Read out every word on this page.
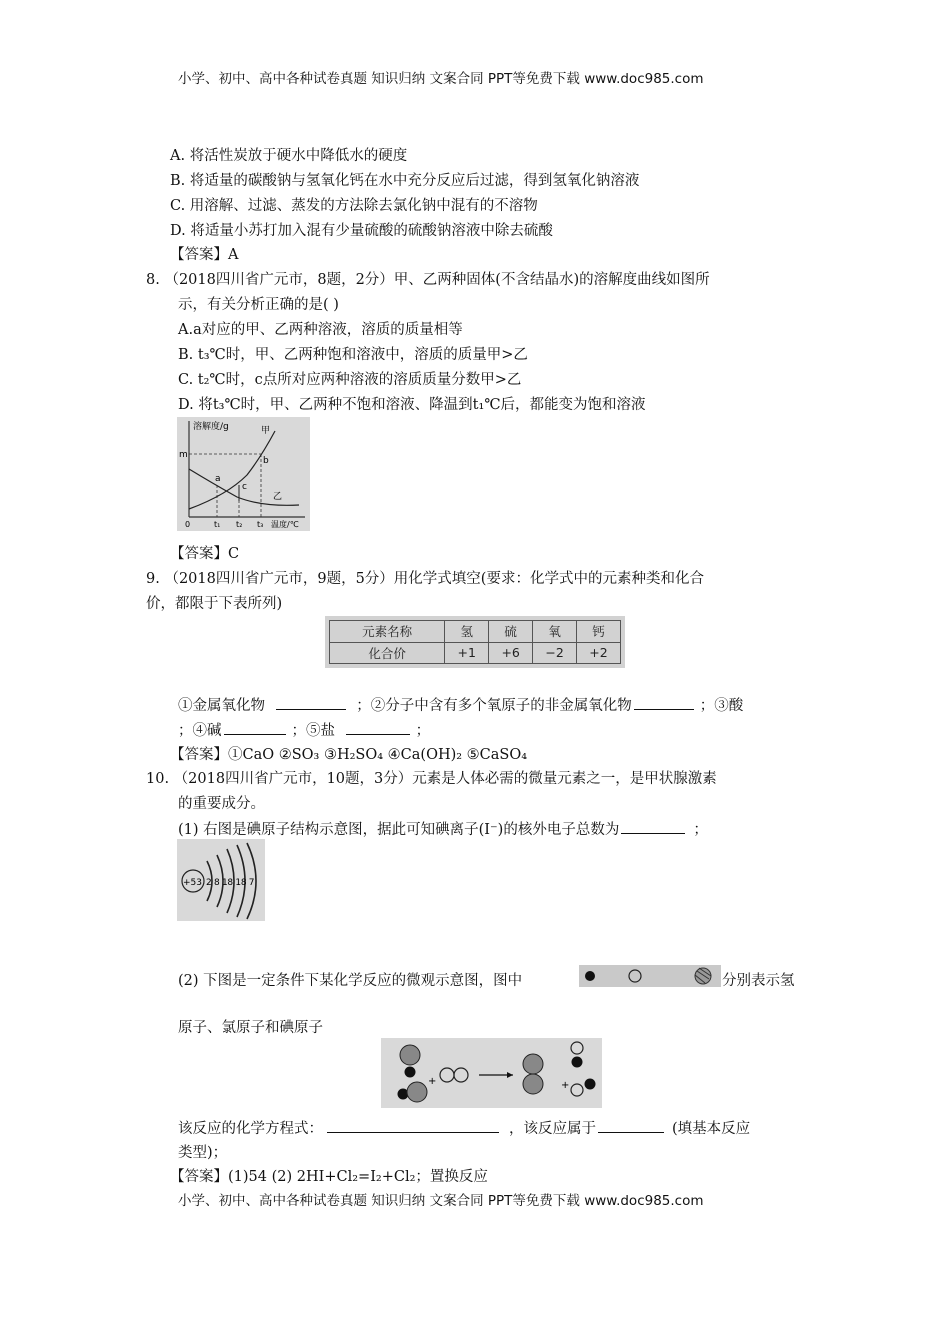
小学、初中、高中各种试卷真题 知识归纳 文案合同 PPT等免费下载 www.doc985.com
A. 将活性炭放于硬水中降低水的硬度
B. 将适量的碳酸钠与氢氧化钙在水中充分反应后过滤，得到氢氧化钠溶液
C. 用溶解、过滤、蒸发的方法除去氯化钠中混有的不溶物
D. 将适量小苏打加入混有少量硫酸的硫酸钠溶液中除去硫酸
【答案】A
8. （2018四川省广元市，8题，2分）甲、乙两种固体(不含结晶水)的溶解度曲线如图所
示，有关分析正确的是( )
A.a对应的甲、乙两种溶液，溶质的质量相等
B. t₃℃时，甲、乙两种饱和溶液中，溶质的质量甲>乙
C. t₂℃时，c点所对应两种溶液的溶质质量分数甲>乙
D. 将t₃℃时，甲、乙两种不饱和溶液、降温到t₁℃后，都能变为饱和溶液
溶解度/g
m
甲
乙
a
b
c
0	t₁ t₂ t₃ 温度/℃
【答案】C
9. （2018四川省广元市，9题，5分）用化学式填空(要求：化学式中的元素种类和化合
价，都限于下表所列)
元素名称	氢	硫	氧	钙
化合价	+1	+6	−2	+2
①金属氧化物	；②分子中含有多个氧原子的非金属氧化物	；③酸
；④碱	；⑤盐	；
【答案】①CaO ②SO₃ ③H₂SO₄ ④Ca(OH)₂ ⑤CaSO₄
10. （2018四川省广元市，10题，3分）元素是人体必需的微量元素之一，是甲状腺激素
的重要成分。
(1) 右图是碘原子结构示意图，据此可知碘离子(I⁻)的核外电子总数为	；
+53 2 8 18 18 7
(2) 下图是一定条件下某化学反应的微观示意图，图中	分别表示氢
原子、氯原子和碘原子
+	+
该反应的化学方程式：	，该反应属于	(填基本反应
类型)；
【答案】(1)54 (2) 2HI+Cl₂=I₂+Cl₂；置换反应
小学、初中、高中各种试卷真题 知识归纳 文案合同 PPT等免费下载 www.doc985.com
